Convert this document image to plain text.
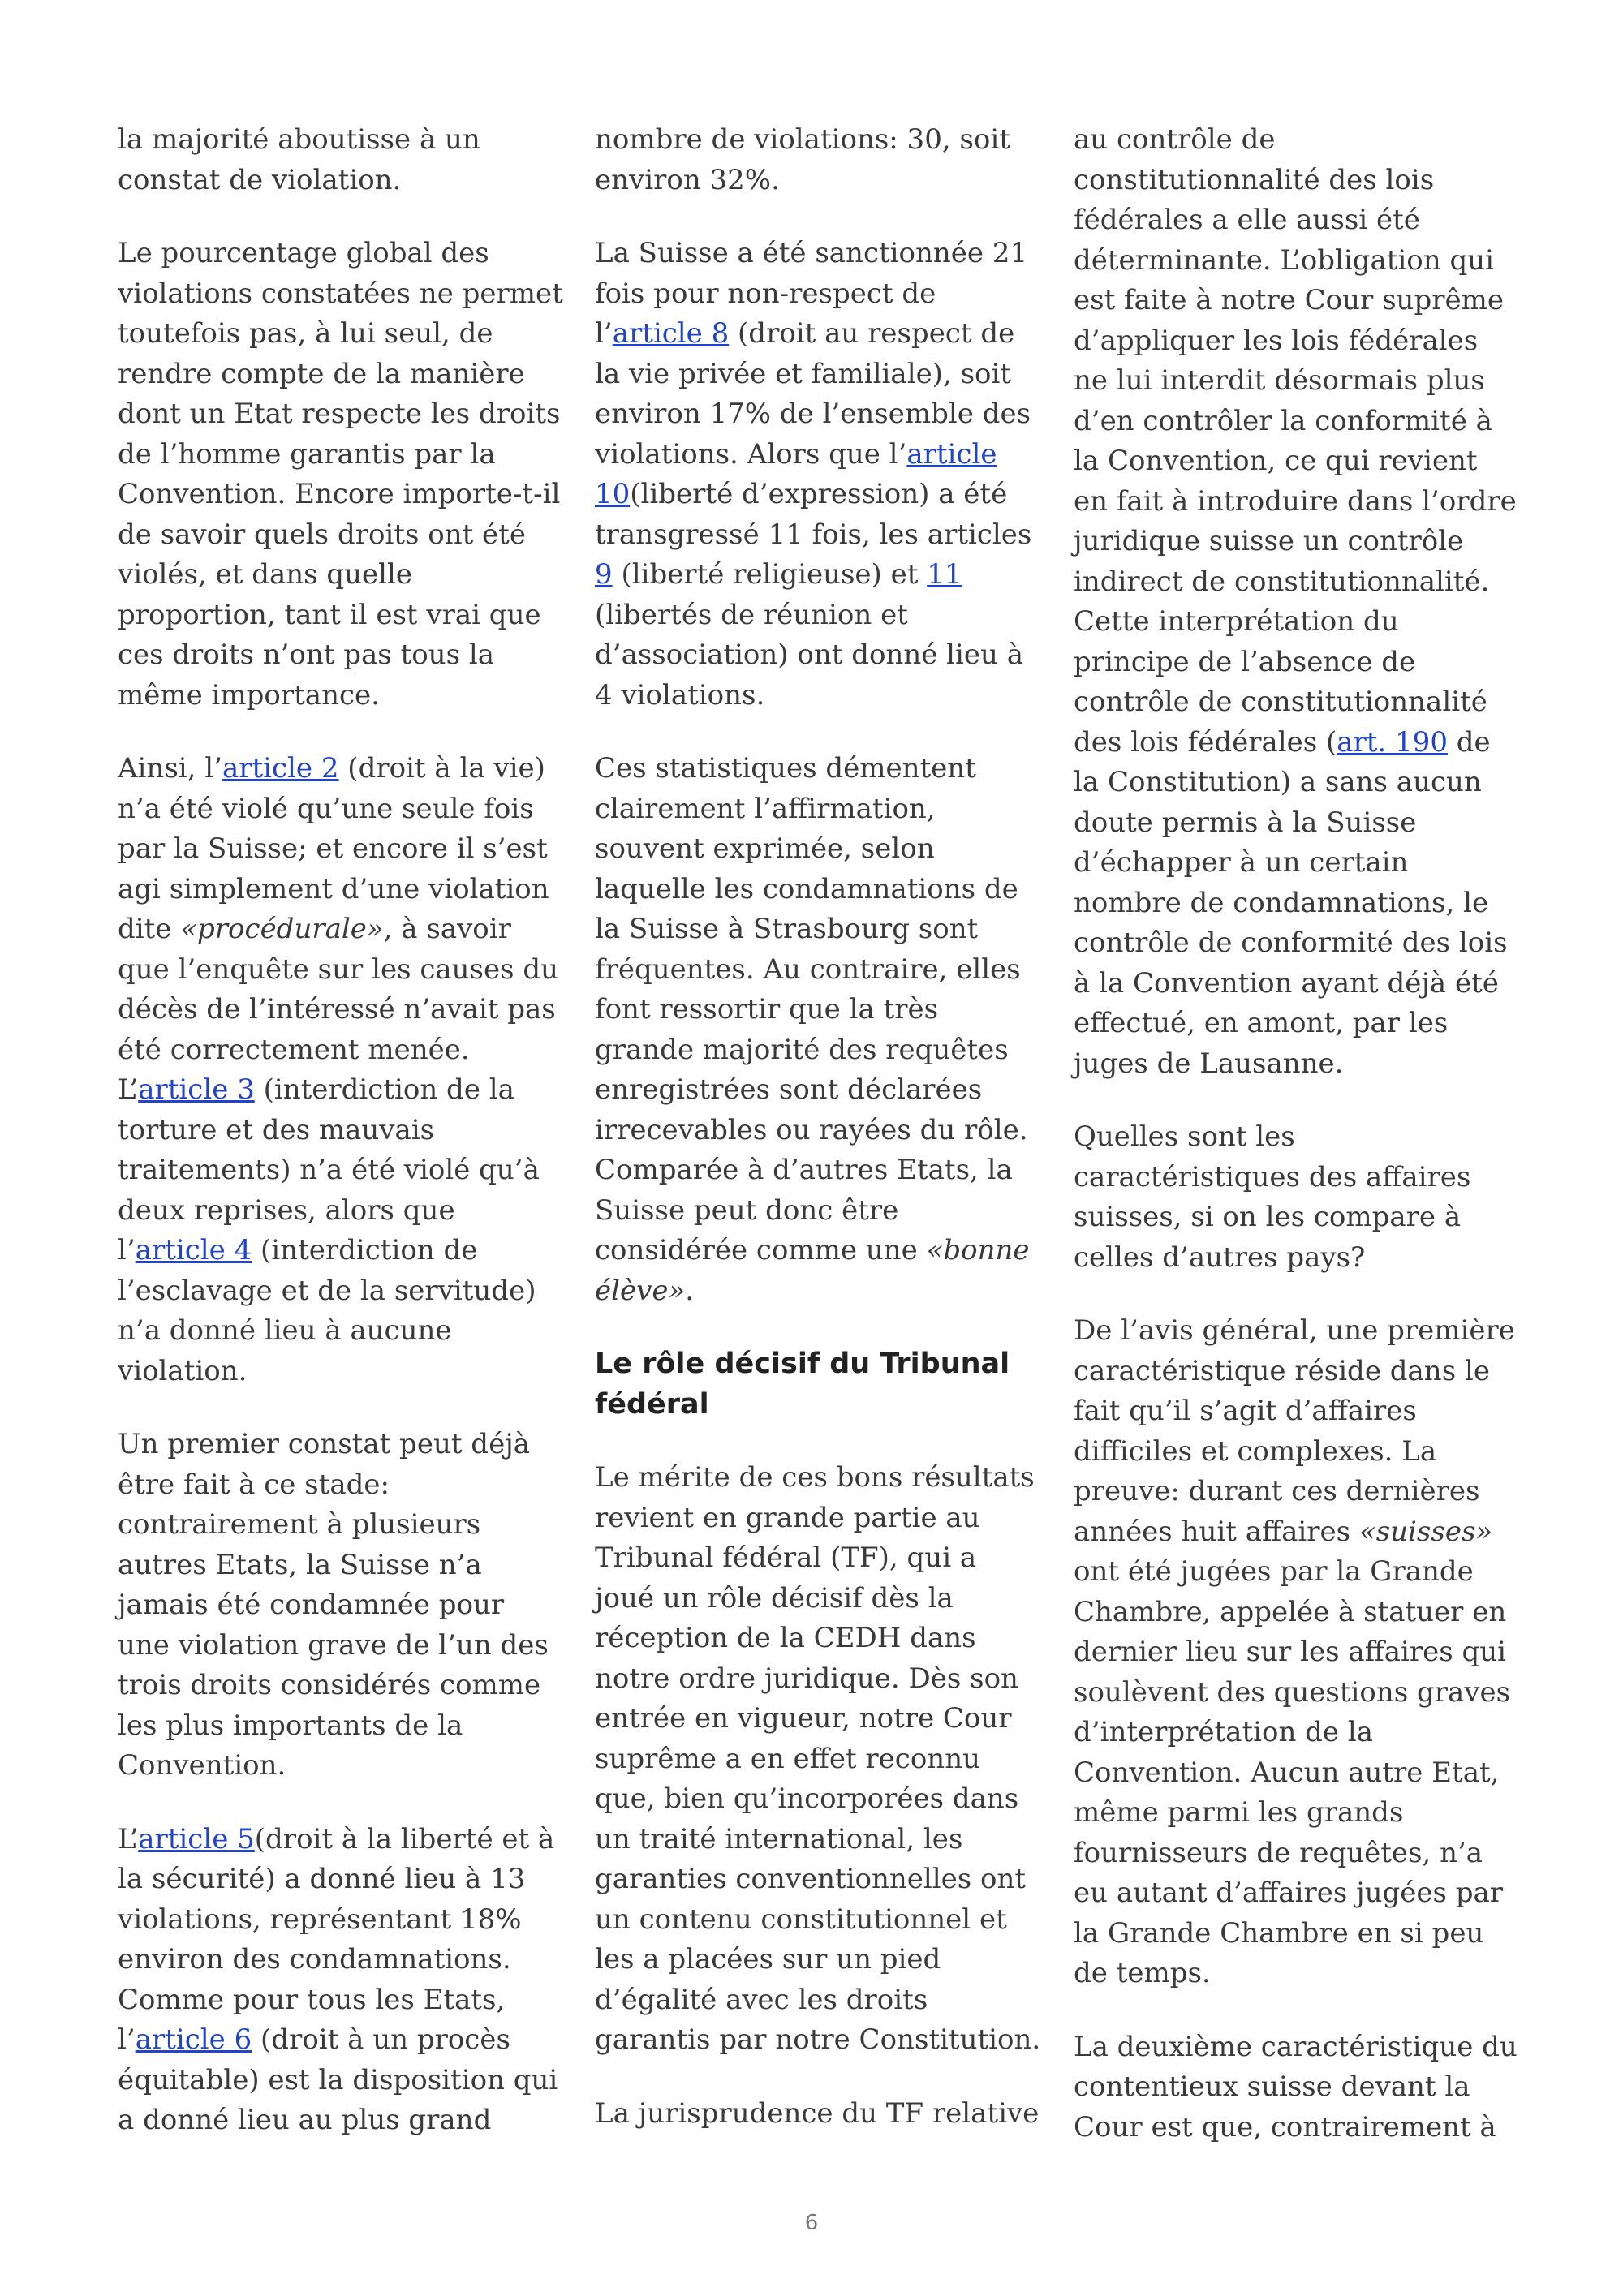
la majorité aboutisse à un constat de violation.

Le pourcentage global des violations constatées ne permet toutefois pas, à lui seul, de rendre compte de la manière dont un Etat respecte les droits de l’homme garantis par la Convention. Encore importe-t-il de savoir quels droits ont été violés, et dans quelle proportion, tant il est vrai que ces droits n’ont pas tous la même importance.

Ainsi, l’article 2 (droit à la vie) n’a été violé qu’une seule fois par la Suisse; et encore il s’est agi simplement d’une violation dite «procédurale», à savoir que l’enquête sur les causes du décès de l’intéressé n’avait pas été correctement menée. L’article 3 (interdiction de la torture et des mauvais traitements) n’a été violé qu’à deux reprises, alors que l’article 4 (interdiction de l’esclavage et de la servitude) n’a donné lieu à aucune violation.

Un premier constat peut déjà être fait à ce stade: contrairement à plusieurs autres Etats, la Suisse n’a jamais été condamnée pour une violation grave de l’un des trois droits considérés comme les plus importants de la Convention.

L’article 5(droit à la liberté et à la sécurité) a donné lieu à 13 violations, représentant 18% environ des condamnations. Comme pour tous les Etats, l’article 6 (droit à un procès équitable) est la disposition qui a donné lieu au plus grand

nombre de violations: 30, soit environ 32%.

La Suisse a été sanctionnée 21 fois pour non-respect de l’article 8 (droit au respect de la vie privée et familiale), soit environ 17% de l’ensemble des violations. Alors que l’article 10(liberté d’expression) a été transgressé 11 fois, les articles 9 (liberté religieuse) et 11 (libertés de réunion et d’association) ont donné lieu à 4 violations.

Ces statistiques démentent clairement l’affirmation, souvent exprimée, selon laquelle les condamnations de la Suisse à Strasbourg sont fréquentes. Au contraire, elles font ressortir que la très grande majorité des requêtes enregistrées sont déclarées irrecevables ou rayées du rôle. Comparée à d’autres Etats, la Suisse peut donc être considérée comme une «bonne élève».

Le rôle décisif du Tribunal fédéral

Le mérite de ces bons résultats revient en grande partie au Tribunal fédéral (TF), qui a joué un rôle décisif dès la réception de la CEDH dans notre ordre juridique. Dès son entrée en vigueur, notre Cour suprême a en effet reconnu que, bien qu’incorporées dans un traité international, les garanties conventionnelles ont un contenu constitutionnel et les a placées sur un pied d’égalité avec les droits garantis par notre Constitution.

La jurisprudence du TF relative

au contrôle de constitutionnalité des lois fédérales a elle aussi été déterminante. L’obligation qui est faite à notre Cour suprême d’appliquer les lois fédérales ne lui interdit désormais plus d’en contrôler la conformité à la Convention, ce qui revient en fait à introduire dans l’ordre juridique suisse un contrôle indirect de constitutionnalité. Cette interprétation du principe de l’absence de contrôle de constitutionnalité des lois fédérales (art. 190 de la Constitution) a sans aucun doute permis à la Suisse d’échapper à un certain nombre de condamnations, le contrôle de conformité des lois à la Convention ayant déjà été effectué, en amont, par les juges de Lausanne.

Quelles sont les caractéristiques des affaires suisses, si on les compare à celles d’autres pays?

De l’avis général, une première caractéristique réside dans le fait qu’il s’agit d’affaires difficiles et complexes. La preuve: durant ces dernières années huit affaires «suisses» ont été jugées par la Grande Chambre, appelée à statuer en dernier lieu sur les affaires qui soulèvent des questions graves d’interprétation de la Convention. Aucun autre Etat, même parmi les grands fournisseurs de requêtes, n’a eu autant d’affaires jugées par la Grande Chambre en si peu de temps.

La deuxième caractéristique du contentieux suisse devant la Cour est que, contrairement à

6
